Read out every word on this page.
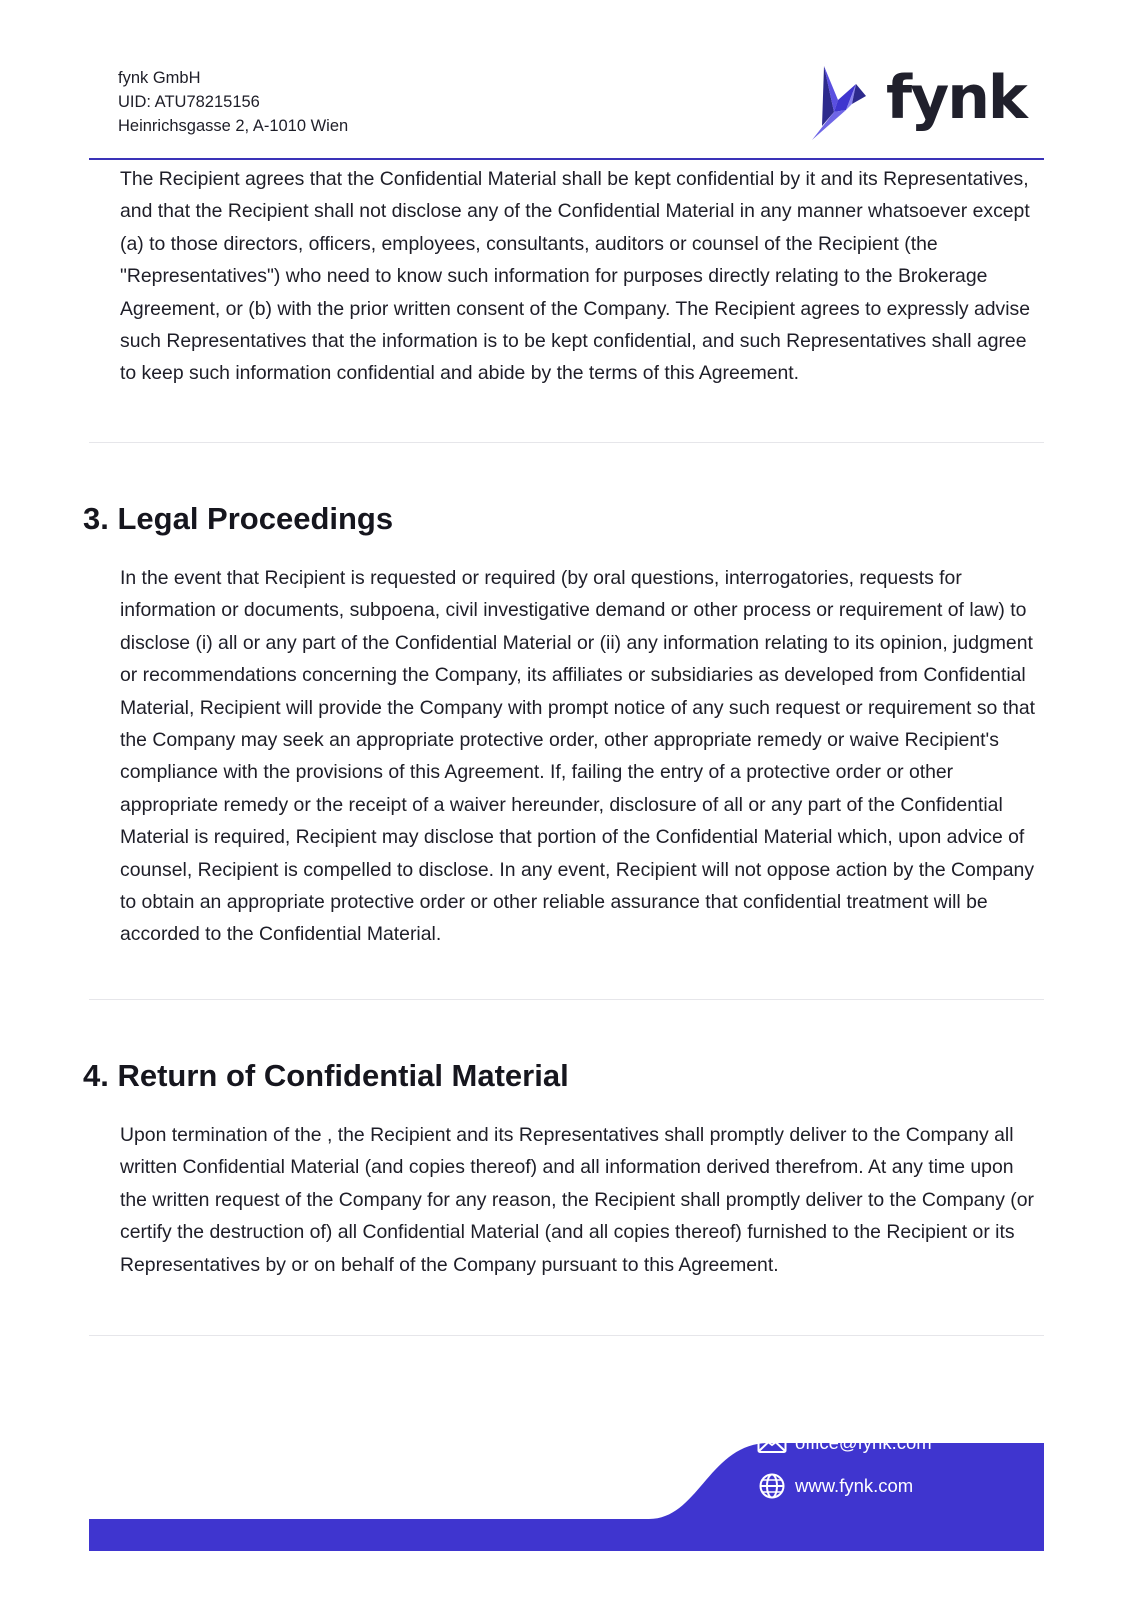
fynk GmbH
UID: ATU78215156
Heinrichsgasse 2, A-1010 Wien	fynk

The Recipient agrees that the Confidential Material shall be kept confidential by it and its Representatives, and that the Recipient shall not disclose any of the Confidential Material in any manner whatsoever except (a) to those directors, officers, employees, consultants, auditors or counsel of the Recipient (the "Representatives") who need to know such information for purposes directly relating to the Brokerage Agreement, or (b) with the prior written consent of the Company. The Recipient agrees to expressly advise such Representatives that the information is to be kept confidential, and such Representatives shall agree to keep such information confidential and abide by the terms of this Agreement.

3. Legal Proceedings

In the event that Recipient is requested or required (by oral questions, interrogatories, requests for information or documents, subpoena, civil investigative demand or other process or requirement of law) to disclose (i) all or any part of the Confidential Material or (ii) any information relating to its opinion, judgment or recommendations concerning the Company, its affiliates or subsidiaries as developed from Confidential Material, Recipient will provide the Company with prompt notice of any such request or requirement so that the Company may seek an appropriate protective order, other appropriate remedy or waive Recipient's compliance with the provisions of this Agreement. If, failing the entry of a protective order or other appropriate remedy or the receipt of a waiver hereunder, disclosure of all or any part of the Confidential Material is required, Recipient may disclose that portion of the Confidential Material which, upon advice of counsel, Recipient is compelled to disclose. In any event, Recipient will not oppose action by the Company to obtain an appropriate protective order or other reliable assurance that confidential treatment will be accorded to the Confidential Material.

4. Return of Confidential Material

Upon termination of the , the Recipient and its Representatives shall promptly deliver to the Company all written Confidential Material (and copies thereof) and all information derived therefrom. At any time upon the written request of the Company for any reason, the Recipient shall promptly deliver to the Company (or certify the destruction of) all Confidential Material (and all copies thereof) furnished to the Recipient or its Representatives by or on behalf of the Company pursuant to this Agreement.

office@fynk.com
www.fynk.com
